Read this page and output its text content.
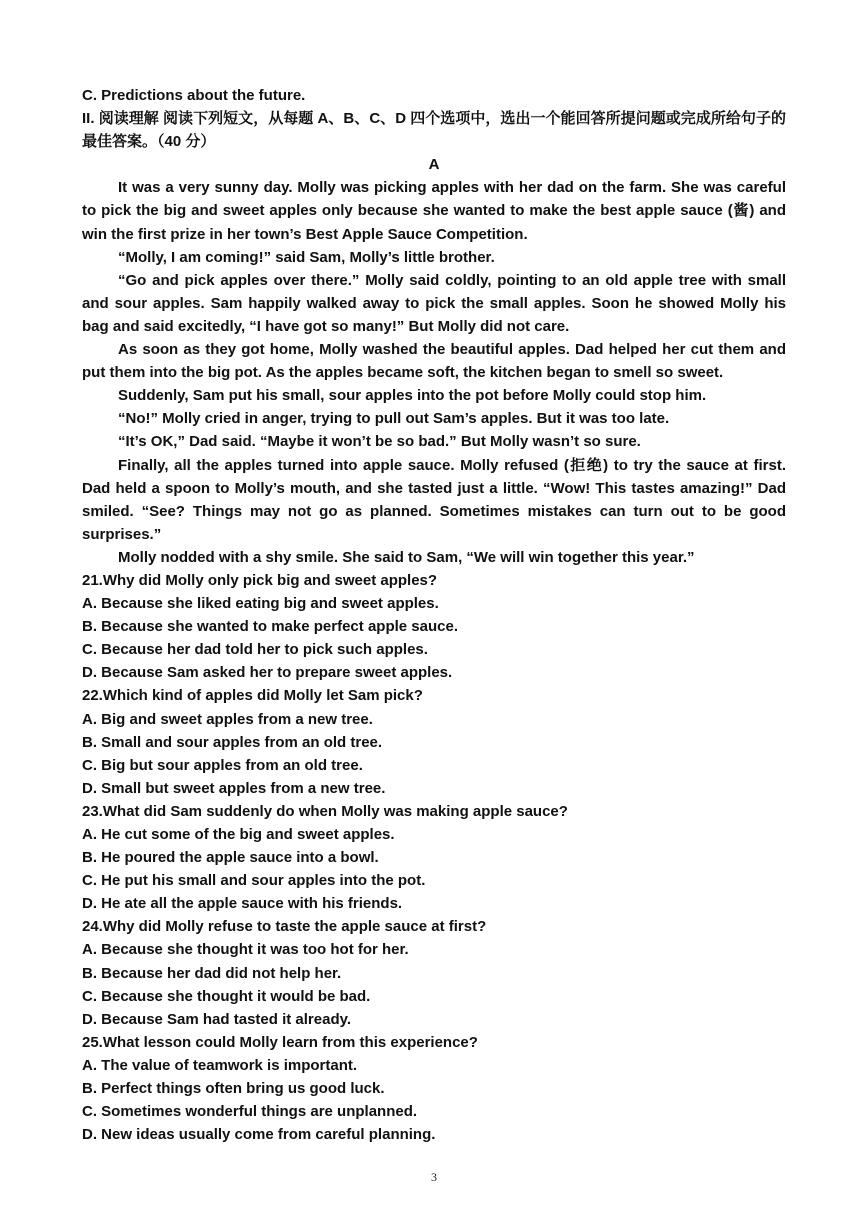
C. Predictions about the future.
II. 阅读理解 阅读下列短文，从每题 A、B、C、D 四个选项中，选出一个能回答所提问题或完成所给句子的最佳答案。（40 分）
A

It was a very sunny day. Molly was picking apples with her dad on the farm. She was careful to pick the big and sweet apples only because she wanted to make the best apple sauce (酱) and win the first prize in her town’s Best Apple Sauce Competition.

“Molly, I am coming!” said Sam, Molly’s little brother.

“Go and pick apples over there.” Molly said coldly, pointing to an old apple tree with small and sour apples. Sam happily walked away to pick the small apples. Soon he showed Molly his bag and said excitedly, “I have got so many!” But Molly did not care.

As soon as they got home, Molly washed the beautiful apples. Dad helped her cut them and put them into the big pot. As the apples became soft, the kitchen began to smell so sweet.

Suddenly, Sam put his small, sour apples into the pot before Molly could stop him.

“No!” Molly cried in anger, trying to pull out Sam’s apples. But it was too late.

“It’s OK,” Dad said. “Maybe it won’t be so bad.” But Molly wasn’t so sure.

Finally, all the apples turned into apple sauce. Molly refused (拒绝) to try the sauce at first. Dad held a spoon to Molly’s mouth, and she tasted just a little. “Wow! This tastes amazing!” Dad smiled. “See? Things may not go as planned. Sometimes mistakes can turn out to be good surprises.”

Molly nodded with a shy smile. She said to Sam, “We will win together this year.”

21.Why did Molly only pick big and sweet apples?

A. Because she liked eating big and sweet apples.

B. Because she wanted to make perfect apple sauce.

C. Because her dad told her to pick such apples.

D. Because Sam asked her to prepare sweet apples.

22.Which kind of apples did Molly let Sam pick?

A. Big and sweet apples from a new tree.

B. Small and sour apples from an old tree.

C. Big but sour apples from an old tree.

D. Small but sweet apples from a new tree.

23.What did Sam suddenly do when Molly was making apple sauce?

A. He cut some of the big and sweet apples.

B. He poured the apple sauce into a bowl.

C. He put his small and sour apples into the pot.

D. He ate all the apple sauce with his friends.

24.Why did Molly refuse to taste the apple sauce at first?

A. Because she thought it was too hot for her.

B. Because her dad did not help her.

C. Because she thought it would be bad.

D. Because Sam had tasted it already.

25.What lesson could Molly learn from this experience?

A. The value of teamwork is important.

B. Perfect things often bring us good luck.

C. Sometimes wonderful things are unplanned.

D. New ideas usually come from careful planning.

3
